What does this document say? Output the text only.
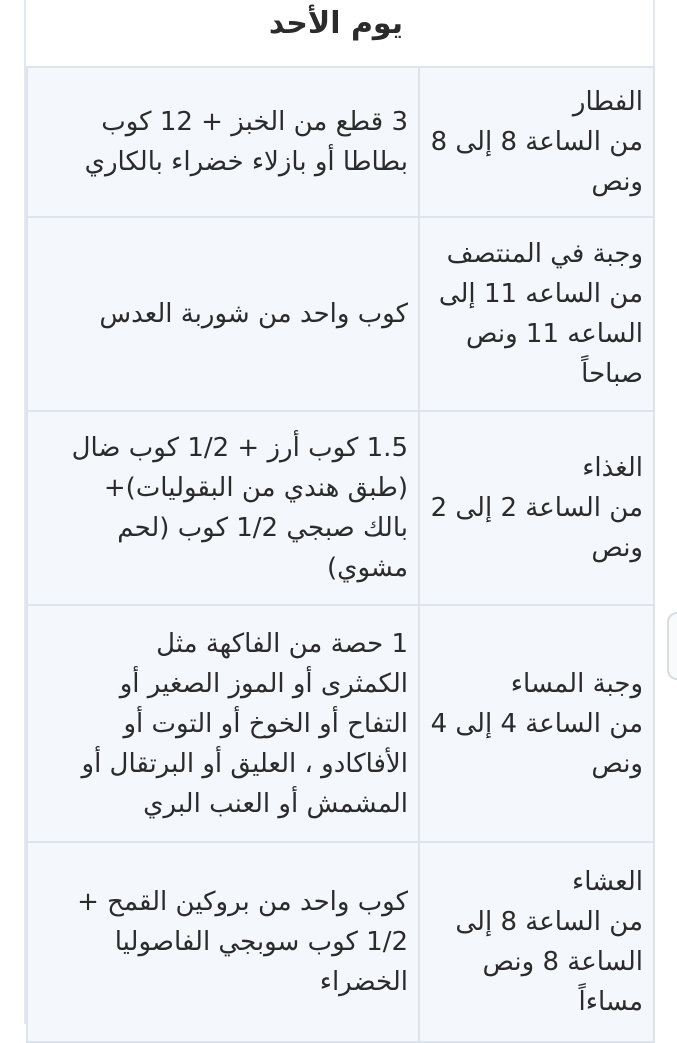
يوم الأحد
الفطار
من الساعة 8 إلى 8
ونص	3 قطع من الخبز + 12 كوب
بطاطا أو بازلاء خضراء بالكاري

وجبة في المنتصف
من الساعه 11 إلى
الساعه 11 ونص
صباحاً	كوب واحد من شوربة العدس

الغذاء
من الساعة 2 إلى 2
ونص	1.5 كوب أرز + 1/2 كوب ضال
(طبق هندي من البقوليات)+
بالك صبجي 1/2 كوب (لحم
مشوي)

وجبة المساء
من الساعة 4 إلى 4
ونص	1 حصة من الفاكهة مثل
الكمثرى أو الموز الصغير أو
التفاح أو الخوخ أو التوت أو
الأفاكادو ، العليق أو البرتقال أو
المشمش أو العنب البري

العشاء
من الساعة 8 إلى
الساعة 8 ونص
مساءاً	كوب واحد من بروكين القمح +
1/2 كوب سوبجي الفاصوليا
الخضراء
